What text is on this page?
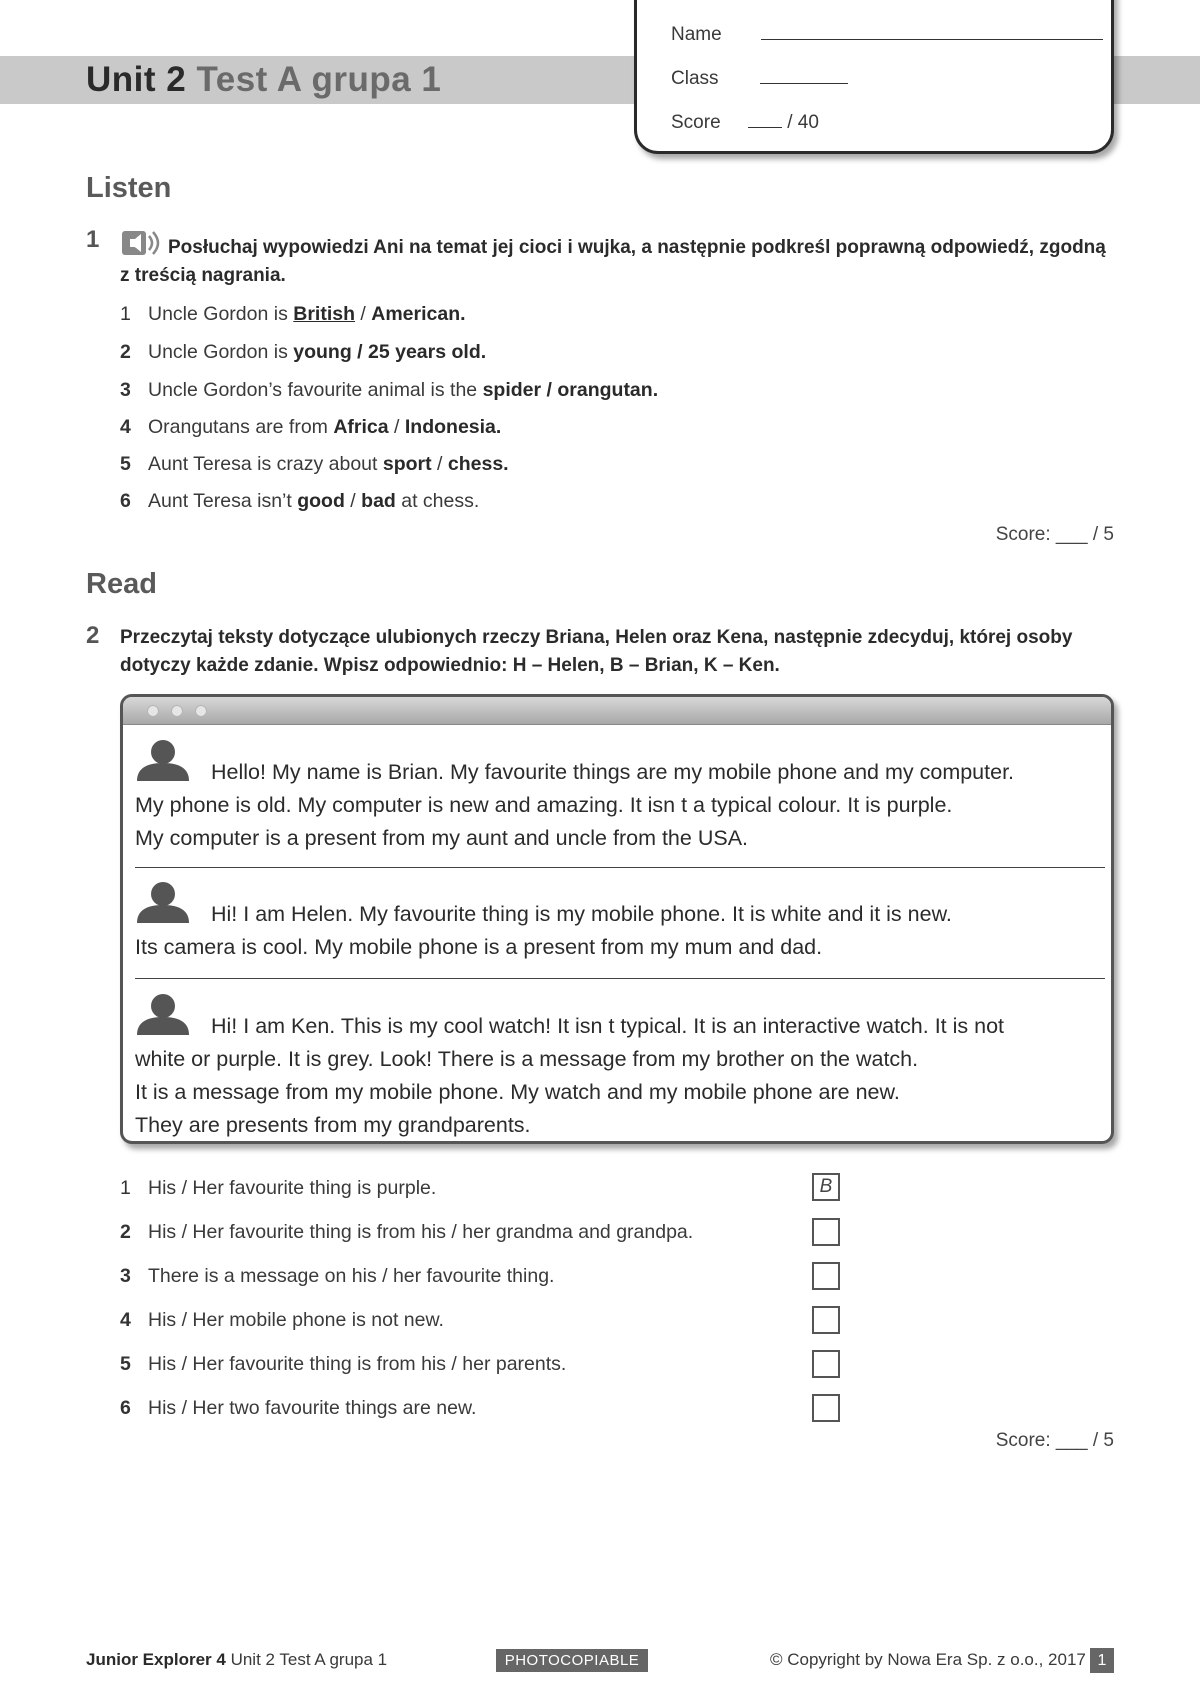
Unit 2 Test A grupa 1
Name
Class
Score	/ 40
Listen
1	3 Posłuchaj wypowiedzi Ani na temat jej cioci i wujka, a następnie podkreśl poprawną odpowiedź, zgodną z treścią nagrania.
1 Uncle Gordon is British / American.
2 Uncle Gordon is young / 25 years old.
3 Uncle Gordon’s favourite animal is the spider / orangutan.
4 Orangutans are from Africa / Indonesia.
5 Aunt Teresa is crazy about sport / chess.
6 Aunt Teresa isn’t good / bad at chess.
Score: ___ / 5
Read
2 Przeczytaj teksty dotyczące ulubionych rzeczy Briana, Helen oraz Kena, następnie zdecyduj, której osoby dotyczy każde zdanie. Wpisz odpowiednio: H – Helen, B – Brian, K – Ken.
Hello! My name is Brian. My favourite things are my mobile phone and my computer.
My phone is old. My computer is new and amazing. It isn t a typical colour. It is purple.
My computer is a present from my aunt and uncle from the USA.
Hi! I am Helen. My favourite thing is my mobile phone. It is white and it is new.
Its camera is cool. My mobile phone is a present from my mum and dad.
Hi! I am Ken. This is my cool watch! It isn t typical. It is an interactive watch. It is not
white or purple. It is grey. Look! There is a message from my brother on the watch.
It is a message from my mobile phone. My watch and my mobile phone are new.
They are presents from my grandparents.
1 His / Her favourite thing is purple.	B
2 His / Her favourite thing is from his / her grandma and grandpa.
3 There is a message on his / her favourite thing.
4 His / Her mobile phone is not new.
5 His / Her favourite thing is from his / her parents.
6 His / Her two favourite things are new.
Score: ___ / 5
Junior Explorer 4 Unit 2 Test A grupa 1	PHOTOCOPIABLE	© Copyright by Nowa Era Sp. z o.o., 2017 1
